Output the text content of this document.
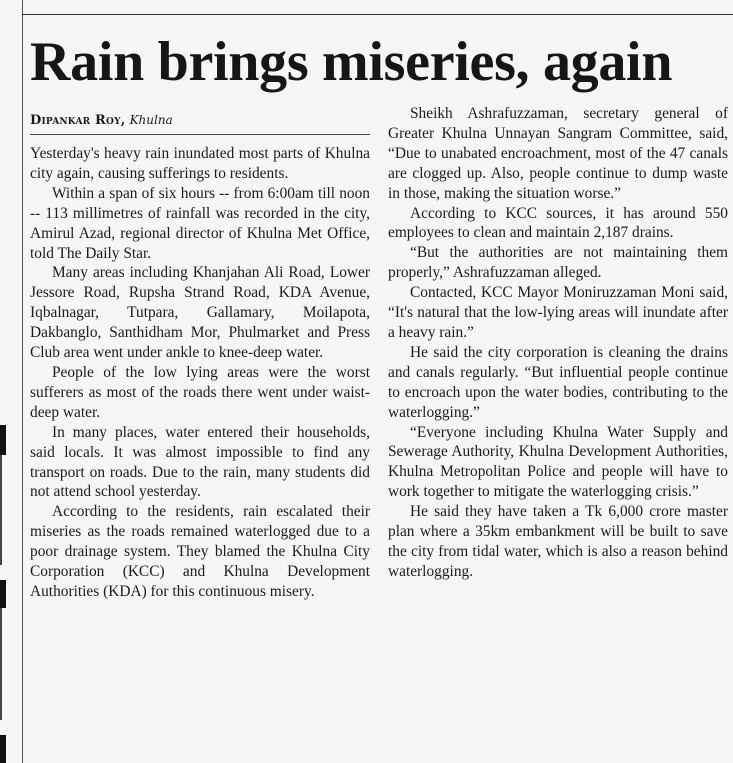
Rain brings miseries, again
Dipankar Roy, Khulna

Yesterday's heavy rain inundated most parts of Khulna city again, causing sufferings to residents.

Within a span of six hours -- from 6:00am till noon -- 113 millimetres of rainfall was recorded in the city, Amirul Azad, regional director of Khulna Met Office, told The Daily Star.

Many areas including Khanjahan Ali Road, Lower Jessore Road, Rupsha Strand Road, KDA Avenue, Iqbalnagar, Tutpara, Gallamary, Moilapota, Dakbanglo, Santhidham Mor, Phulmarket and Press Club area went under ankle to knee-deep water.

People of the low lying areas were the worst sufferers as most of the roads there went under waist-deep water.

In many places, water entered their households, said locals. It was almost impossible to find any transport on roads. Due to the rain, many students did not attend school yesterday.

According to the residents, rain escalated their miseries as the roads remained waterlogged due to a poor drainage system. They blamed the Khulna City Corporation (KCC) and Khulna Development Authorities (KDA) for this continuous misery.

Sheikh Ashrafuzzaman, secretary general of Greater Khulna Unnayan Sangram Committee, said, “Due to unabated encroachment, most of the 47 canals are clogged up. Also, people continue to dump waste in those, making the situation worse.”

According to KCC sources, it has around 550 employees to clean and maintain 2,187 drains.

“But the authorities are not maintaining them properly,” Ashrafuzzaman alleged.

Contacted, KCC Mayor Moniruzzaman Moni said, “It's natural that the low-lying areas will inundate after a heavy rain.”

He said the city corporation is cleaning the drains and canals regularly. “But influential people continue to encroach upon the water bodies, contributing to the waterlogging.”

“Everyone including Khulna Water Supply and Sewerage Authority, Khulna Development Authorities, Khulna Metropolitan Police and people will have to work together to mitigate the waterlogging crisis.”

He said they have taken a Tk 6,000 crore master plan where a 35km embankment will be built to save the city from tidal water, which is also a reason behind waterlogging.
